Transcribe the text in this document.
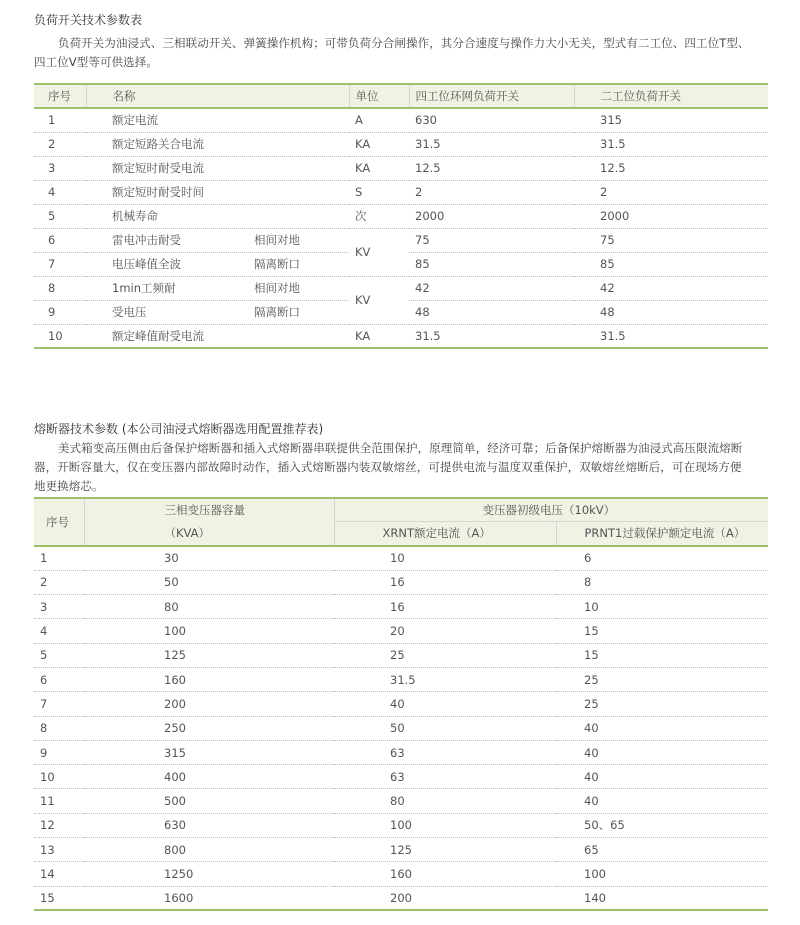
负荷开关技术参数表
负荷开关为油浸式、三相联动开关、弹簧操作机构；可带负荷分合闸操作，其分合速度与操作力大小无关，型式有二工位、四工位T型、
四工位V型等可供选择。
序号	名称		单位	四工位环网负荷开关	二工位负荷开关
1	额定电流		A	630	315
2	额定短路关合电流		KA	31.5	31.5
3	额定短时耐受电流		KA	12.5	12.5
4	额定短时耐受时间		S	2	2
5	机械寿命		次	2000	2000
6	雷电冲击耐受	相间对地	KV	75	75
7	电压峰值全波	隔离断口		85	85
8	1min工频耐	相间对地	KV	42	42
9	受电压	隔离断口		48	48
10	额定峰值耐受电流		KA	31.5	31.5
熔断器技术参数 (本公司油浸式熔断器选用配置推荐表)
美式箱变高压侧由后备保护熔断器和插入式熔断器串联提供全范围保护，原理简单，经济可靠；后备保护熔断器为油浸式高压限流熔断
器，开断容量大，仅在变压器内部故障时动作，插入式熔断器内装双敏熔丝，可提供电流与温度双重保护，双敏熔丝熔断后，可在现场方便
地更换熔芯。
序号	三相变压器容量	变压器初级电压（10kV）	
	（KVA）	XRNT额定电流（A）	PRNT1过载保护额定电流（A）
1	30	10	6
2	50	16	8
3	80	16	10
4	100	20	15
5	125	25	15
6	160	31.5	25
7	200	40	25
8	250	50	40
9	315	63	40
10	400	63	40
11	500	80	40
12	630	100	50、65
13	800	125	65
14	1250	160	100
15	1600	200	140
